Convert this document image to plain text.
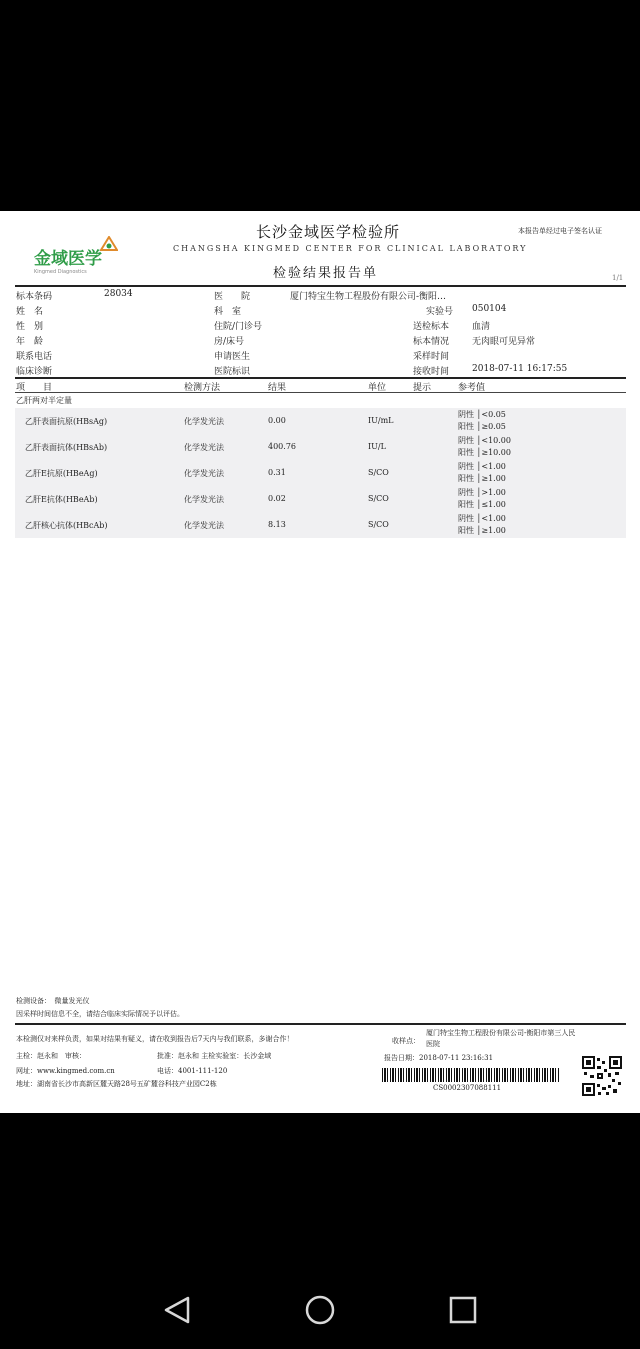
金域医学
Kingmed Diagnostics
长沙金域医学检验所
CHANGSHA KINGMED CENTER FOR CLINICAL LABORATORY
检验结果报告单
本报告单经过电子签名认证
1/1
标本条码	28034	医　　院	厦门特宝生物工程股份有限公司-衡阳…
姓　名	科　室	实验号 050104
性　别	住院/门诊号	送检标本	血清
年　龄	房/床号	标本情况	无肉眼可见异常
联系电话	申请医生	采样时间
临床诊断	医院标识	接收时间	2018-07-11 16:17:55
项　　目	检测方法	结果	单位	提示	参考值
乙肝两对半定量
乙肝表面抗原(HBsAg)	化学发光法	0.00	IU/mL
阴性 │<0.05
阳性 │≥0.05
乙肝表面抗体(HBsAb)	化学发光法	400.76	IU/L
阴性 │<10.00
阳性 │≥10.00
乙肝E抗原(HBeAg)	化学发光法	0.31	S/CO
阴性 │<1.00
阳性 │≥1.00
乙肝E抗体(HBeAb)	化学发光法	0.02	S/CO
阴性 │>1.00
阳性 │≤1.00
乙肝核心抗体(HBcAb)	化学发光法	8.13	S/CO
阴性 │<1.00
阳性 │≥1.00
检测设备：　微量发光仪
因采样时间信息不全，请结合临床实际情况予以评估。
本检测仅对来样负责，如果对结果有疑义，请在收到报告后7天内与我们联系，多谢合作！
主检：赵永和　审核：	批准：赵永和 主检实验室：长沙金域
网址：www.kingmed.com.cn	电话：4001-111-120
地址：湖南省长沙市高新区麓天路28号五矿麓谷科技产业园C2栋
收样点：
厦门特宝生物工程股份有限公司-衡阳市第三人民
医院
报告日期：2018-07-11 23:16:31
CS0002307088111
